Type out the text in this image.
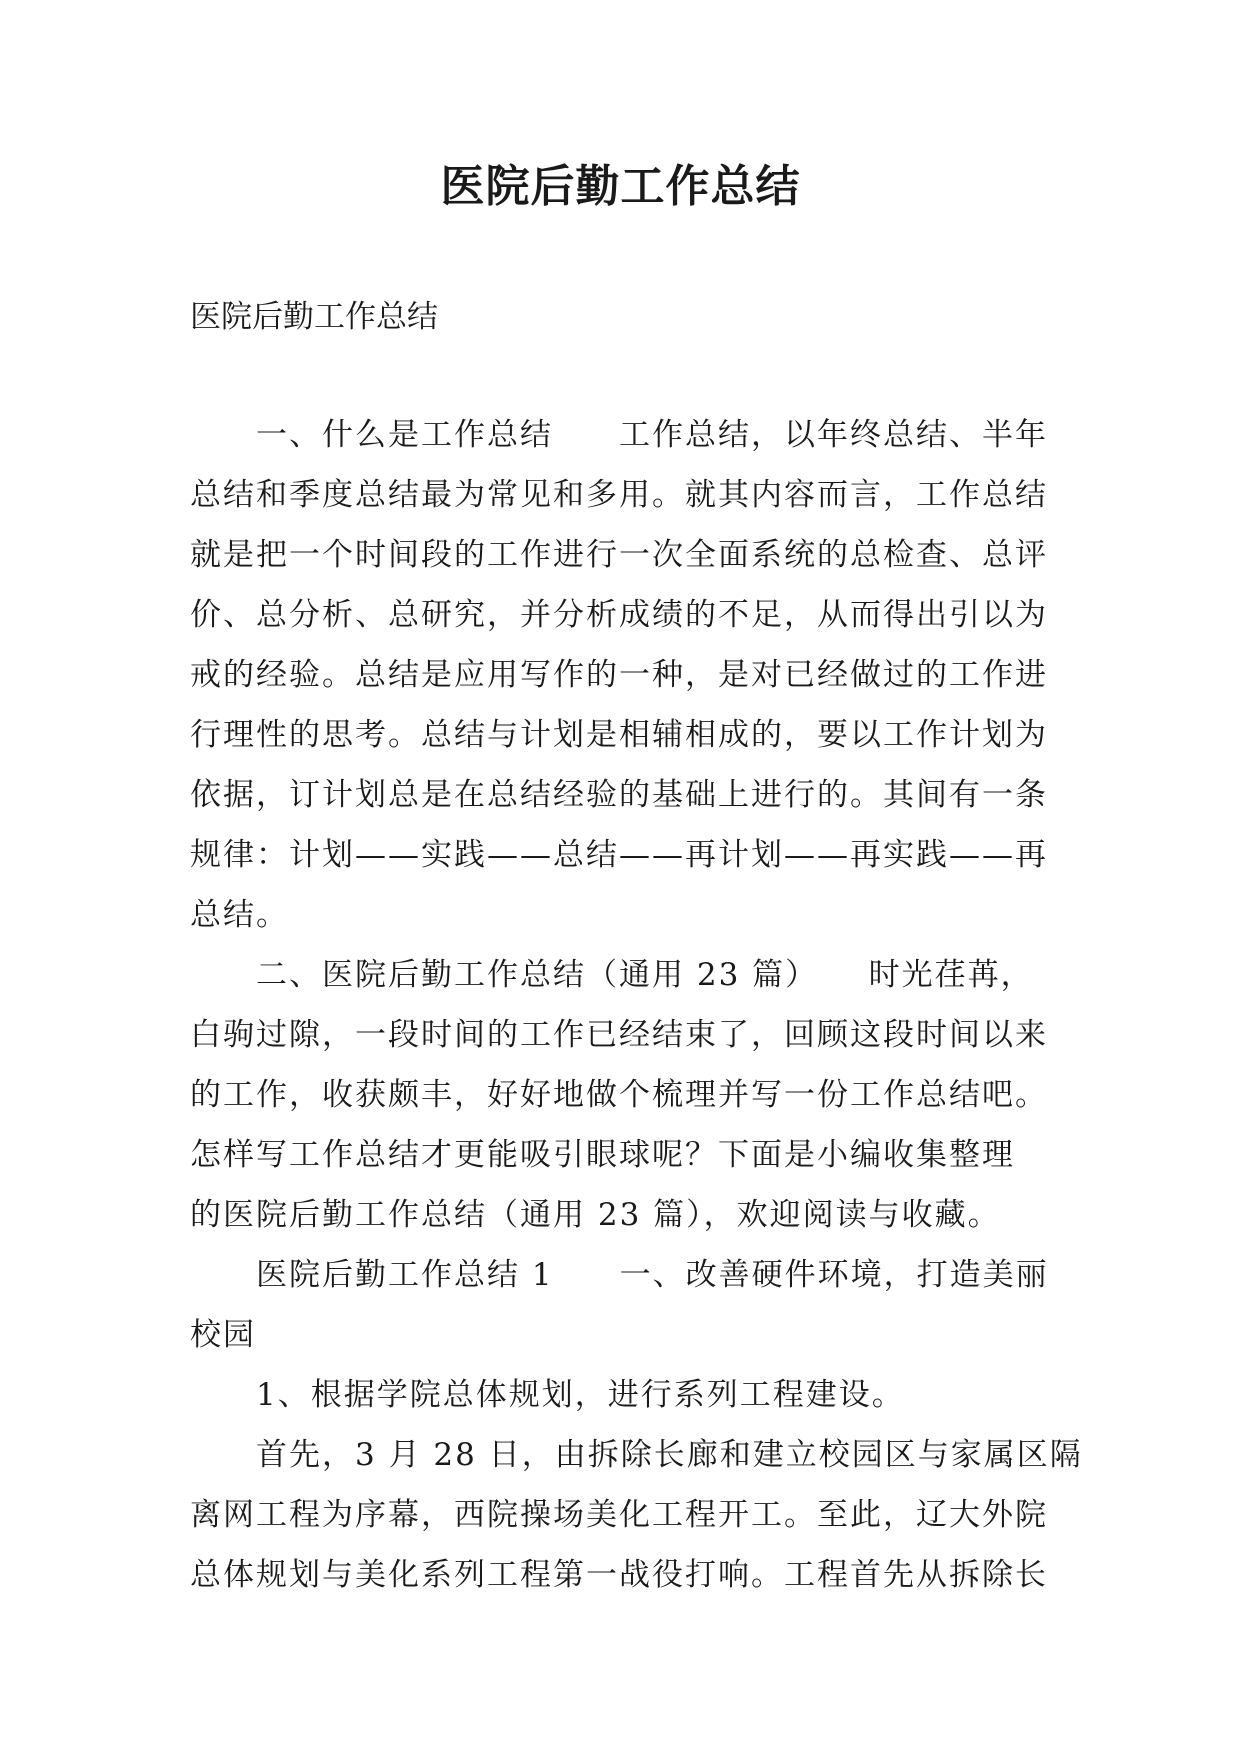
医院后勤工作总结
医院后勤工作总结
一、什么是工作总结　　工作总结，以年终总结、半年
总结和季度总结最为常见和多用。就其内容而言，工作总结
就是把一个时间段的工作进行一次全面系统的总检查、总评
价、总分析、总研究，并分析成绩的不足，从而得出引以为
戒的经验。总结是应用写作的一种，是对已经做过的工作进
行理性的思考。总结与计划是相辅相成的，要以工作计划为
依据，订计划总是在总结经验的基础上进行的。其间有一条
规律：计划——实践——总结——再计划——再实践——再
总结。
二、医院后勤工作总结（通用 23 篇）　　时光荏苒，
白驹过隙，一段时间的工作已经结束了，回顾这段时间以来
的工作，收获颇丰，好好地做个梳理并写一份工作总结吧。
怎样写工作总结才更能吸引眼球呢？下面是小编收集整理
的医院后勤工作总结（通用 23 篇），欢迎阅读与收藏。
医院后勤工作总结 1　　一、改善硬件环境，打造美丽
校园
1、根据学院总体规划，进行系列工程建设。
首先，3 月 28 日，由拆除长廊和建立校园区与家属区隔
离网工程为序幕，西院操场美化工程开工。至此，辽大外院
总体规划与美化系列工程第一战役打响。工程首先从拆除长
